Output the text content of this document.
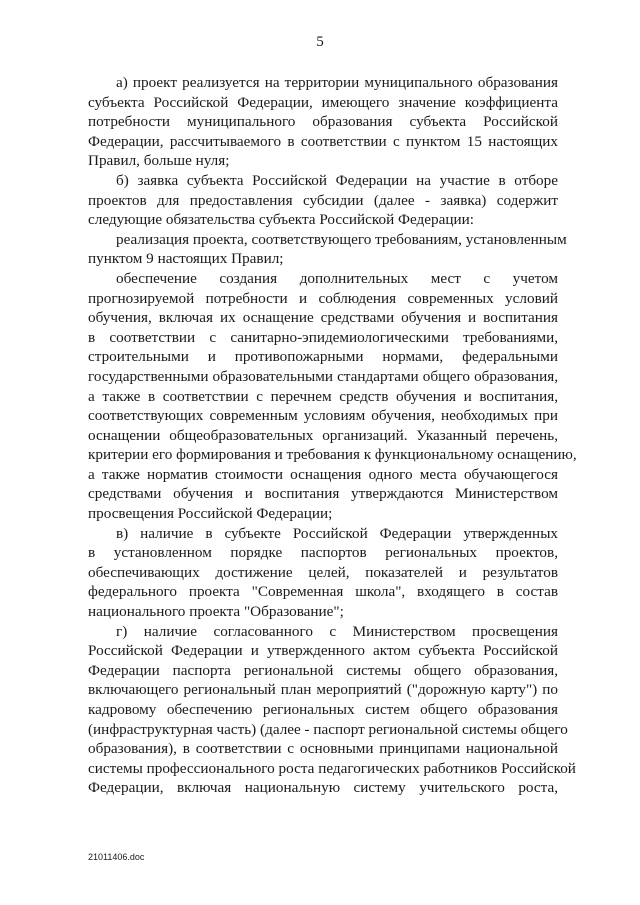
5
а) проект реализуется на территории муниципального образования
субъекта Российской Федерации, имеющего значение коэффициента
потребности муниципального образования субъекта Российской
Федерации, рассчитываемого в соответствии с пунктом 15 настоящих
Правил, больше нуля;
б) заявка субъекта Российской Федерации на участие в отборе
проектов для предоставления субсидии (далее - заявка) содержит
следующие обязательства субъекта Российской Федерации:
реализация проекта, соответствующего требованиям, установленным
пунктом 9 настоящих Правил;
обеспечение создания дополнительных мест с учетом
прогнозируемой потребности и соблюдения современных условий
обучения, включая их оснащение средствами обучения и воспитания
в соответствии с санитарно-эпидемиологическими требованиями,
строительными и противопожарными нормами, федеральными
государственными образовательными стандартами общего образования,
а также в соответствии с перечнем средств обучения и воспитания,
соответствующих современным условиям обучения, необходимых при
оснащении общеобразовательных организаций. Указанный перечень,
критерии его формирования и требования к функциональному оснащению,
а также норматив стоимости оснащения одного места обучающегося
средствами обучения и воспитания утверждаются Министерством
просвещения Российской Федерации;
в) наличие в субъекте Российской Федерации утвержденных
в установленном порядке паспортов региональных проектов,
обеспечивающих достижение целей, показателей и результатов
федерального проекта "Современная школа", входящего в состав
национального проекта "Образование";
г) наличие согласованного с Министерством просвещения
Российской Федерации и утвержденного актом субъекта Российской
Федерации паспорта региональной системы общего образования,
включающего региональный план мероприятий ("дорожную карту") по
кадровому обеспечению региональных систем общего образования
(инфраструктурная часть) (далее - паспорт региональной системы общего
образования), в соответствии с основными принципами национальной
системы профессионального роста педагогических работников Российской
Федерации, включая национальную систему учительского роста,
21011406.doc
